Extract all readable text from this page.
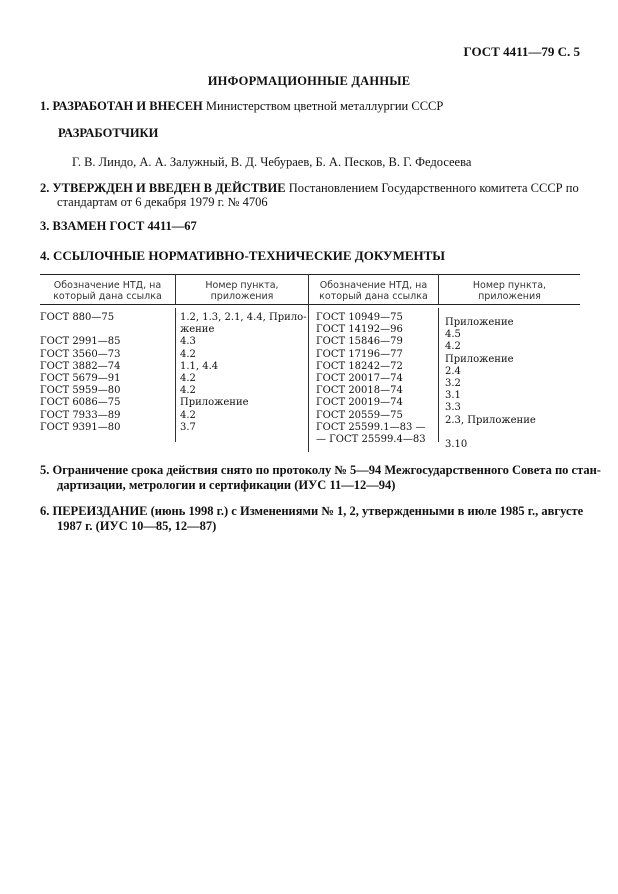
ГОСТ 4411—79 С. 5
ИНФОРМАЦИОННЫЕ ДАННЫЕ
1. РАЗРАБОТАН И ВНЕСЕН Министерством цветной металлургии СССР
РАЗРАБОТЧИКИ
Г. В. Линдо, А. А. Залужный, В. Д. Чебураев, Б. А. Песков, В. Г. Федосеева
2. УТВЕРЖДЕН И ВВЕДЕН В ДЕЙСТВИЕ Постановлением Государственного комитета СССР по
стандартам от 6 декабря 1979 г. № 4706
3. ВЗАМЕН ГОСТ 4411—67
4. ССЫЛОЧНЫЕ НОРМАТИВНО-ТЕХНИЧЕСКИЕ ДОКУМЕНТЫ
Обозначение НТД, на
который дана ссылка
Номер пункта,
приложения
Обозначение НТД, на
который дана ссылка
Номер пункта,
приложения
ГОСТ 880—75
ГОСТ 2991—85
ГОСТ 3560—73
ГОСТ 3882—74
ГОСТ 5679—91
ГОСТ 5959—80
ГОСТ 6086—75
ГОСТ 7933—89
ГОСТ 9391—80
1.2, 1.3, 2.1, 4.4, Прило-
жение
4.3
4.2
1.1, 4.4
4.2
4.2
Приложение
4.2
3.7
ГОСТ 10949—75
ГОСТ 14192—96
ГОСТ 15846—79
ГОСТ 17196—77
ГОСТ 18242—72
ГОСТ 20017—74
ГОСТ 20018—74
ГОСТ 20019—74
ГОСТ 20559—75
ГОСТ 25599.1—83 —
— ГОСТ 25599.4—83
Приложение
4.5
4.2
Приложение
2.4
3.2
3.1
3.3
2.3, Приложение
3.10
5. Ограничение срока действия снято по протоколу № 5—94 Межгосударственного Совета по стан-
дартизации, метрологии и сертификации (ИУС 11—12—94)
6. ПЕРЕИЗДАНИЕ (июнь 1998 г.) с Изменениями № 1, 2, утвержденными в июле 1985 г., августе
1987 г. (ИУС 10—85, 12—87)
